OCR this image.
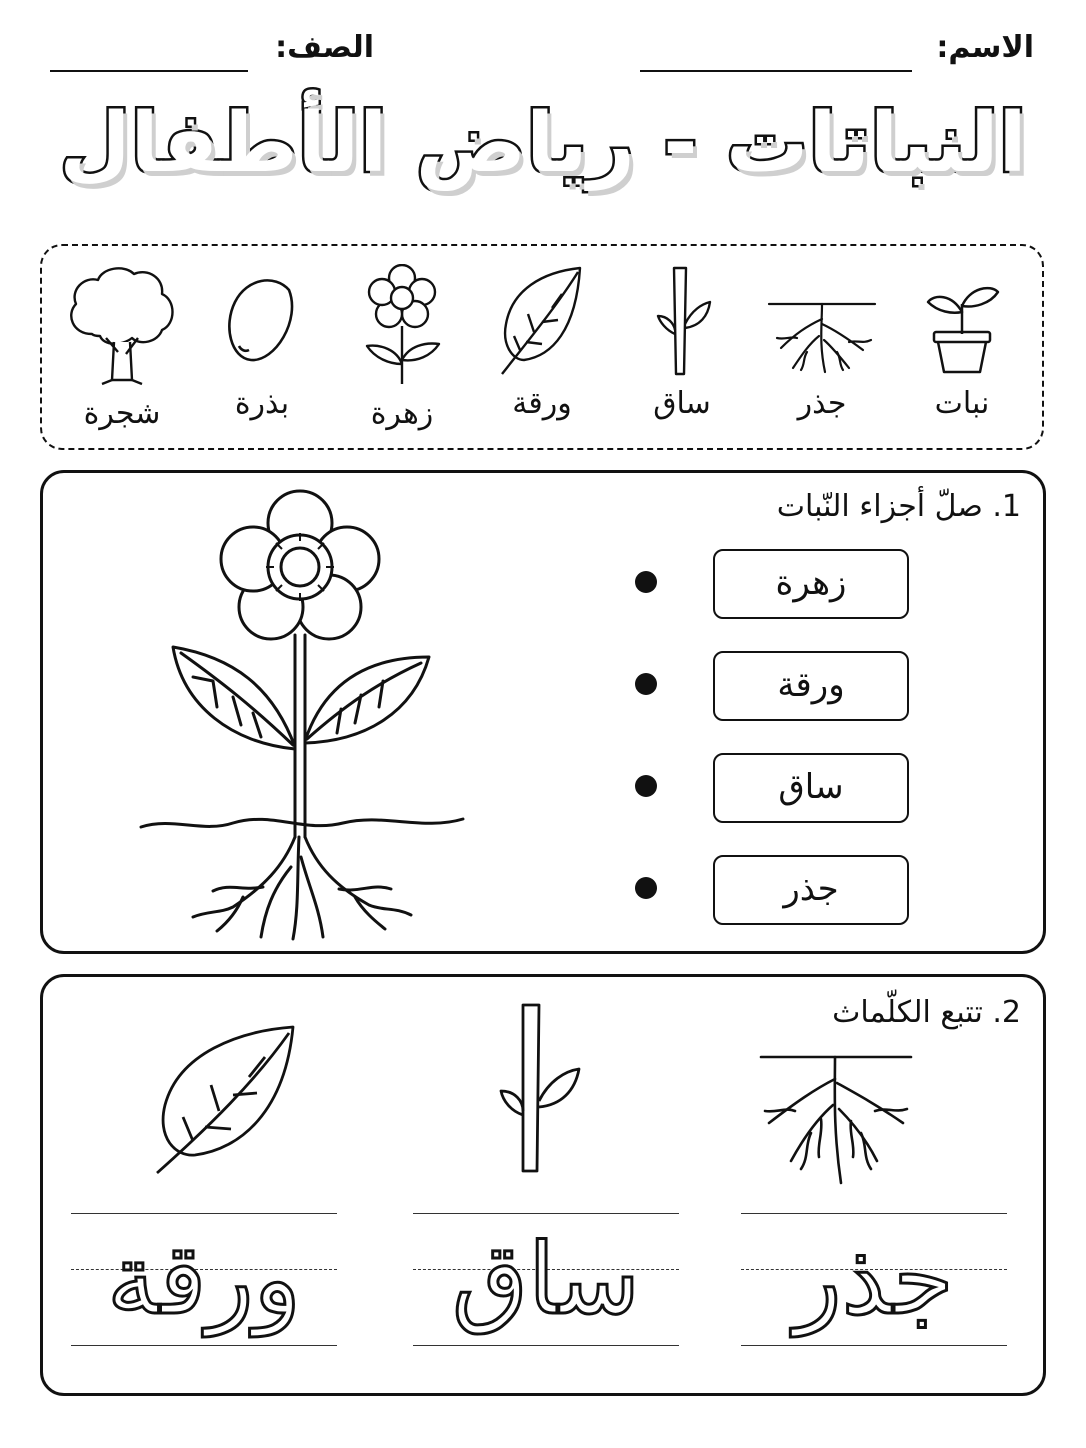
الاسم:
الصف:
النباتات - رياض الأطفال
نبات
جذر
ساق
ورقة
زهرة
بذرة
شجرة
1. صلّ أجزاء النّبات
زهرة
ورقة
ساق
جذر
2. تتبع الكلّماث
جذر
ساق
ورقة
